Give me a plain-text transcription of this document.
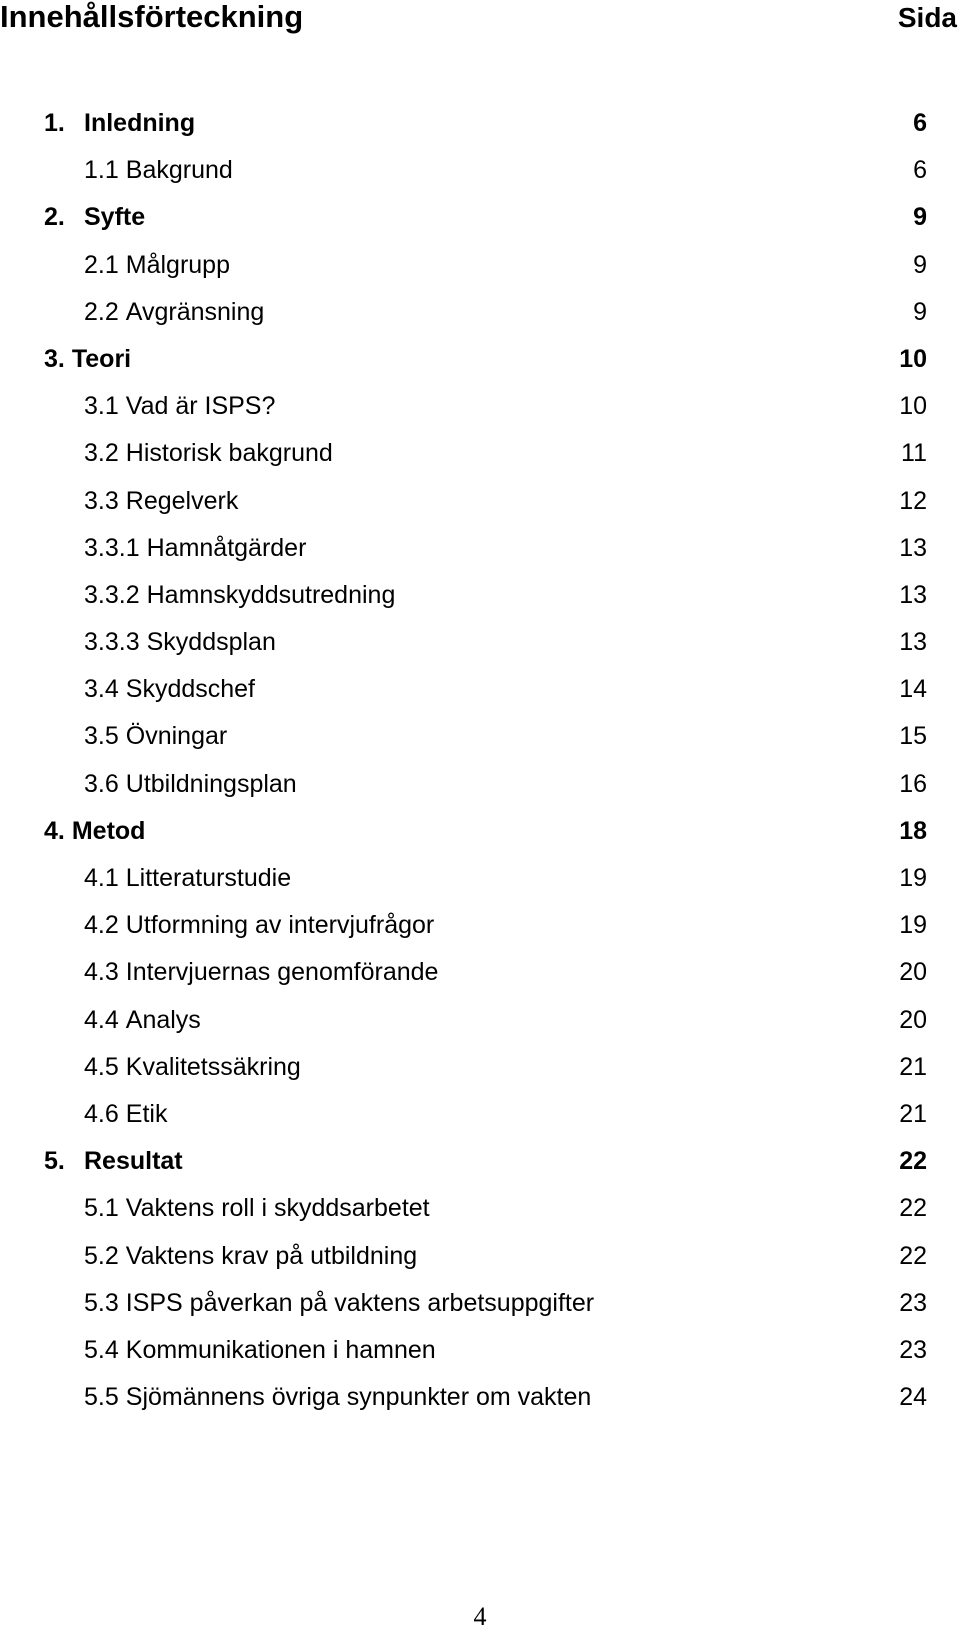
Innehållsförteckning	Sida
1. Inledning	6
1.1 Bakgrund	6
2. Syfte	9
2.1 Målgrupp	9
2.2 Avgränsning	9
3. Teori	10
3.1 Vad är ISPS?	10
3.2 Historisk bakgrund	11
3.3 Regelverk	12
3.3.1 Hamnåtgärder	13
3.3.2 Hamnskyddsutredning	13
3.3.3 Skyddsplan	13
3.4 Skyddschef	14
3.5 Övningar	15
3.6 Utbildningsplan	16
4. Metod	18
4.1 Litteraturstudie	19
4.2 Utformning av intervjufrågor	19
4.3 Intervjuernas genomförande	20
4.4 Analys	20
4.5 Kvalitetssäkring	21
4.6 Etik	21
5. Resultat	22
5.1 Vaktens roll i skyddsarbetet	22
5.2 Vaktens krav på utbildning	22
5.3 ISPS påverkan på vaktens arbetsuppgifter	23
5.4 Kommunikationen i hamnen	23
5.5 Sjömännens övriga synpunkter om vakten	24
4
